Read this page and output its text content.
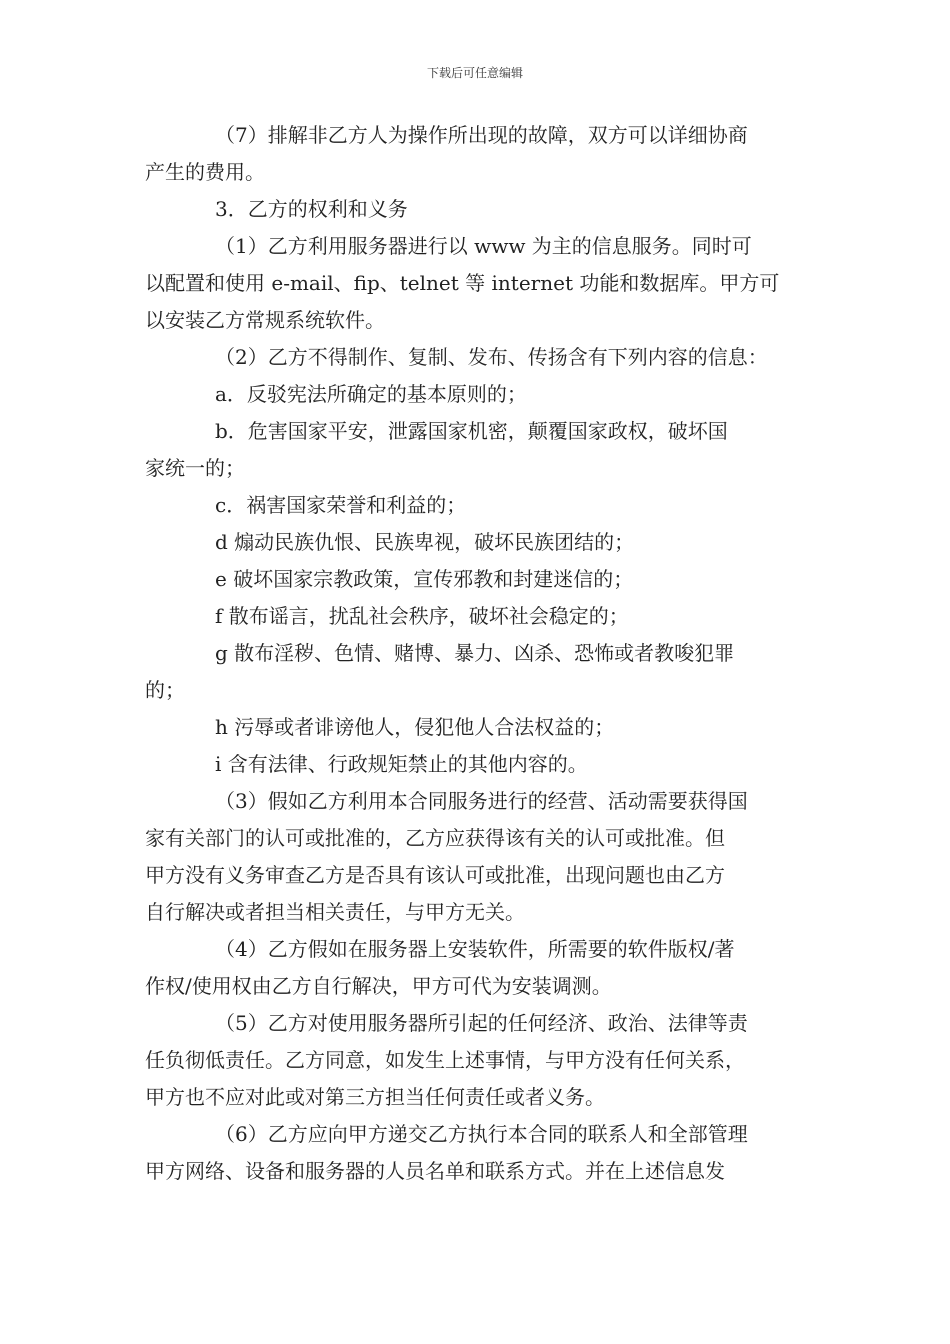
下载后可任意编辑
（7）排解非乙方人为操作所出现的故障，双方可以详细协商
产生的费用。
3．乙方的权利和义务
（1）乙方利用服务器进行以 www 为主的信息服务。同时可
以配置和使用 e-mail、fip、telnet 等 internet 功能和数据库。甲方可
以安装乙方常规系统软件。
（2）乙方不得制作、复制、发布、传扬含有下列内容的信息：
a．反驳宪法所确定的基本原则的；
b．危害国家平安，泄露国家机密，颠覆国家政权，破坏国
家统一的；
c．祸害国家荣誉和利益的；
d 煽动民族仇恨、民族卑视，破坏民族团结的；
e 破坏国家宗教政策，宣传邪教和封建迷信的；
f 散布谣言，扰乱社会秩序，破坏社会稳定的；
g 散布淫秽、色情、赌博、暴力、凶杀、恐怖或者教唆犯罪
的；
h 污辱或者诽谤他人，侵犯他人合法权益的；
i 含有法律、行政规矩禁止的其他内容的。
（3）假如乙方利用本合同服务进行的经营、活动需要获得国
家有关部门的认可或批准的，乙方应获得该有关的认可或批准。但
甲方没有义务审查乙方是否具有该认可或批准，出现问题也由乙方
自行解决或者担当相关责任，与甲方无关。
（4）乙方假如在服务器上安装软件，所需要的软件版权/著
作权/使用权由乙方自行解决，甲方可代为安装调测。
（5）乙方对使用服务器所引起的任何经济、政治、法律等责
任负彻低责任。乙方同意，如发生上述事情，与甲方没有任何关系，
甲方也不应对此或对第三方担当任何责任或者义务。
（6）乙方应向甲方递交乙方执行本合同的联系人和全部管理
甲方网络、设备和服务器的人员名单和联系方式。并在上述信息发
